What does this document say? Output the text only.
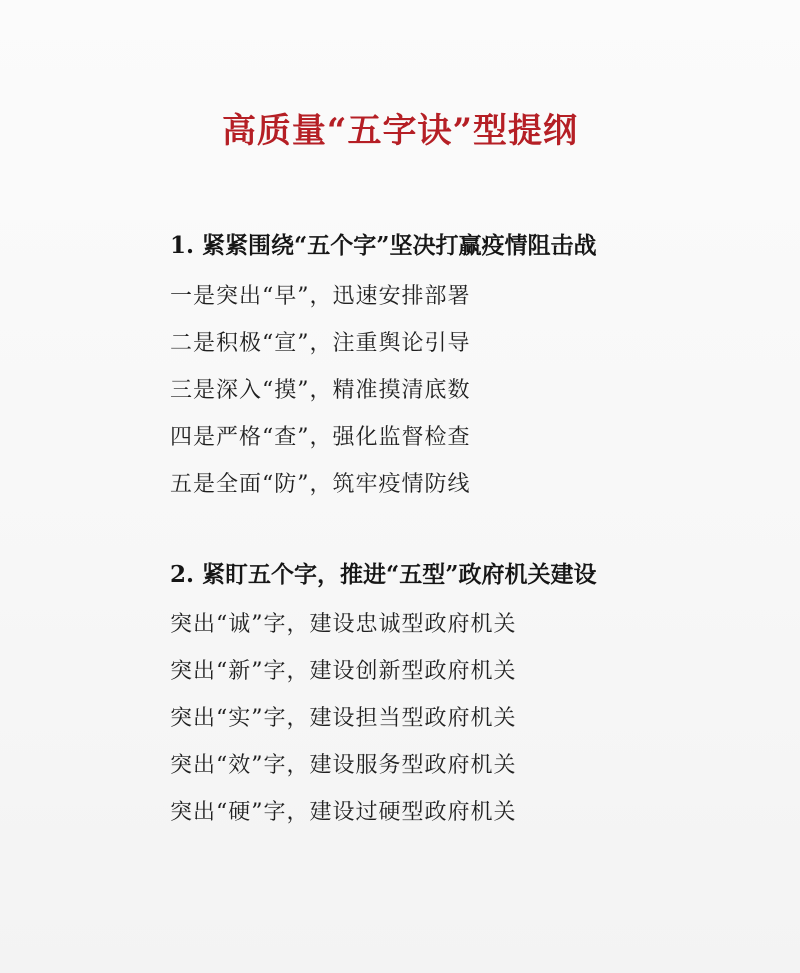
高质量“五字诀”型提纲
1. 紧紧围绕“五个字”坚决打赢疫情阻击战
一是突出“早”，迅速安排部署
二是积极“宣”，注重舆论引导
三是深入“摸”，精准摸清底数
四是严格“查”，强化监督检查
五是全面“防”，筑牢疫情防线
2. 紧盯五个字，推进“五型”政府机关建设
突出“诚”字，建设忠诚型政府机关
突出“新”字，建设创新型政府机关
突出“实”字，建设担当型政府机关
突出“效”字，建设服务型政府机关
突出“硬”字，建设过硬型政府机关
